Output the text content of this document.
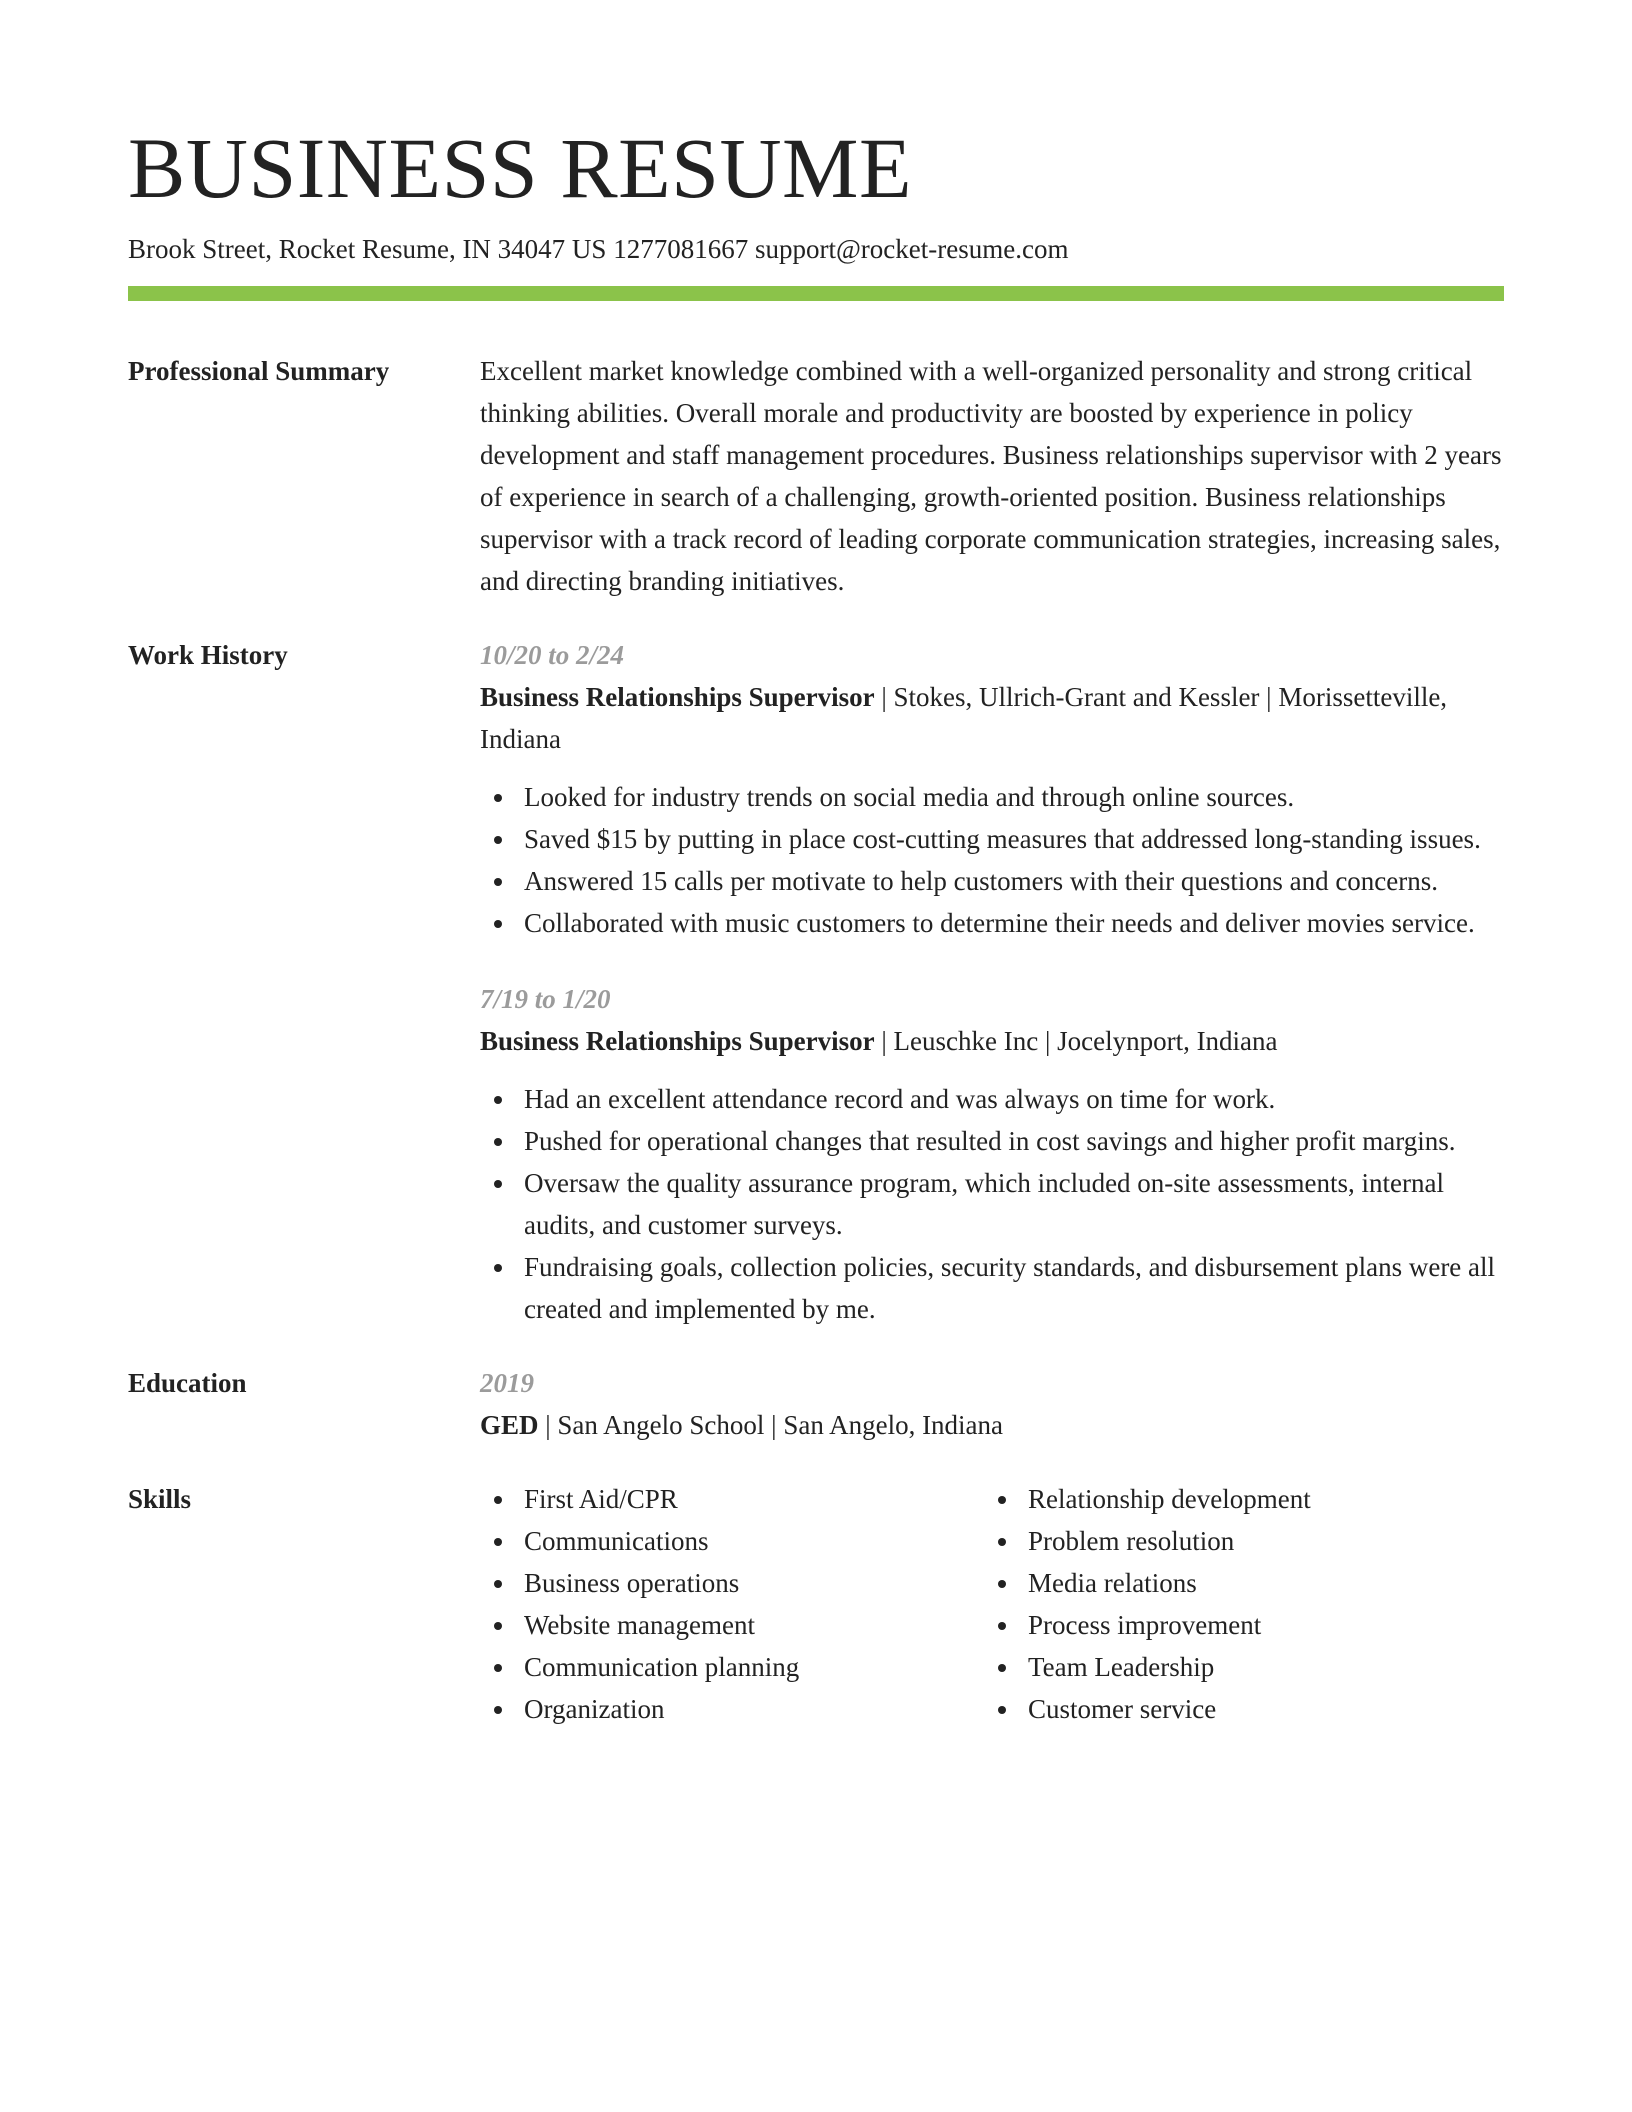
BUSINESS RESUME
Brook Street, Rocket Resume, IN 34047 US 1277081667 support@rocket-resume.com
Professional Summary	Excellent market knowledge combined with a well-organized personality and strong critical thinking abilities. Overall morale and productivity are boosted by experience in policy development and staff management procedures. Business relationships supervisor with 2 years of experience in search of a challenging, growth-oriented position. Business relationships supervisor with a track record of leading corporate communication strategies, increasing sales, and directing branding initiatives.

Work History	10/20 to 2/24
Business Relationships Supervisor | Stokes, Ullrich-Grant and Kessler | Morissetteville, Indiana
Looked for industry trends on social media and through online sources.
Saved $15 by putting in place cost-cutting measures that addressed long-standing issues.
Answered 15 calls per motivate to help customers with their questions and concerns.
Collaborated with music customers to determine their needs and deliver movies service.
7/19 to 1/20
Business Relationships Supervisor | Leuschke Inc | Jocelynport, Indiana
Had an excellent attendance record and was always on time for work.
Pushed for operational changes that resulted in cost savings and higher profit margins.
Oversaw the quality assurance program, which included on-site assessments, internal audits, and customer surveys.
Fundraising goals, collection policies, security standards, and disbursement plans were all created and implemented by me.
Education	2019
GED | San Angelo School | San Angelo, Indiana
Skills	First Aid/CPR
Communications
Business operations
Website management
Communication planning
Organization
Relationship development
Problem resolution
Media relations
Process improvement
Team Leadership
Customer service
